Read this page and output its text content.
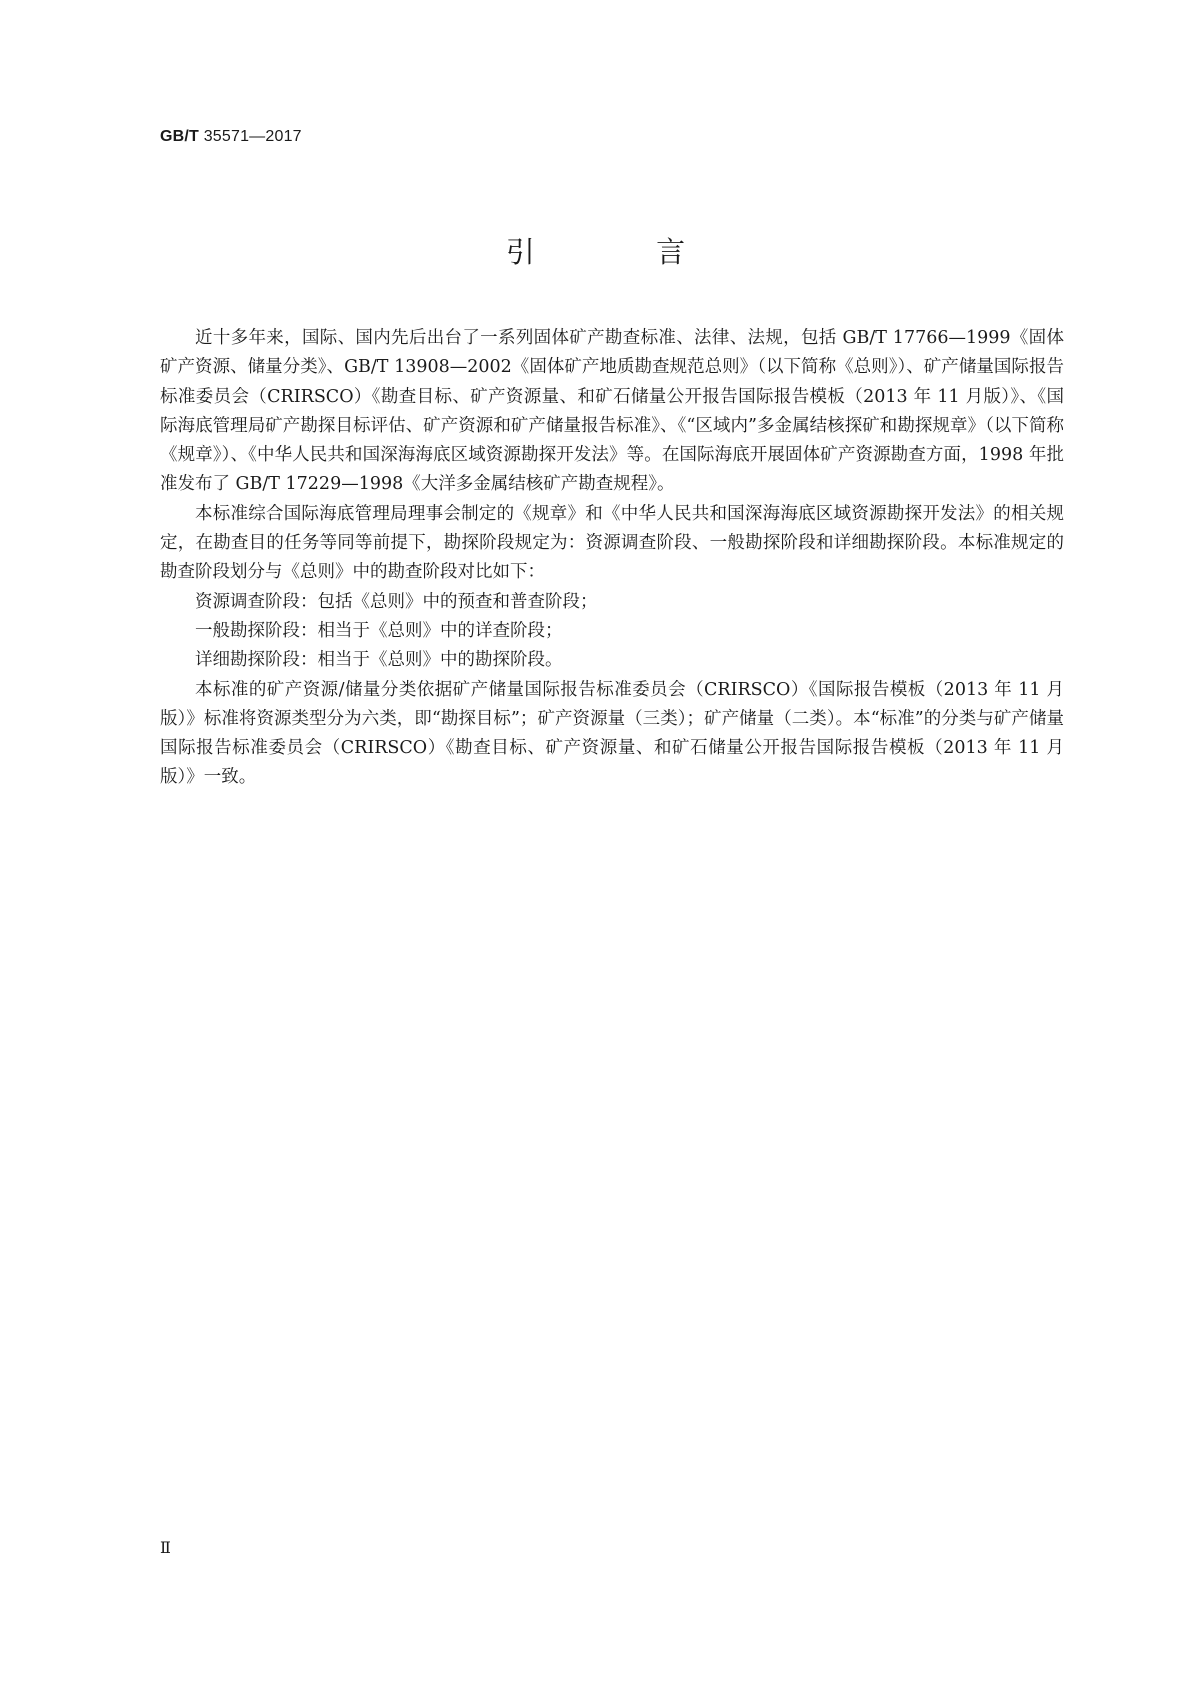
GB/T 35571—2017
引 言

近十多年来，国际、国内先后出台了一系列固体矿产勘查标准、法律、法规，包括 GB/T 17766—1999《固体矿产资源、储量分类》、GB/T 13908—2002《固体矿产地质勘查规范总则》（以下简称《总则》）、矿产储量国际报告标准委员会（CRIRSCO）《勘查目标、矿产资源量、和矿石储量公开报告国际报告模板（2013 年 11 月版）》、《国际海底管理局矿产勘探目标评估、矿产资源和矿产储量报告标准》、《“区域内”多金属结核探矿和勘探规章》（以下简称《规章》）、《中华人民共和国深海海底区域资源勘探开发法》等。在国际海底开展固体矿产资源勘查方面，1998 年批准发布了 GB/T 17229—1998《大洋多金属结核矿产勘查规程》。

本标准综合国际海底管理局理事会制定的《规章》和《中华人民共和国深海海底区域资源勘探开发法》的相关规定，在勘查目的任务等同等前提下，勘探阶段规定为：资源调查阶段、一般勘探阶段和详细勘探阶段。本标准规定的勘查阶段划分与《总则》中的勘查阶段对比如下：

资源调查阶段：包括《总则》中的预查和普查阶段；

一般勘探阶段：相当于《总则》中的详查阶段；

详细勘探阶段：相当于《总则》中的勘探阶段。

本标准的矿产资源/储量分类依据矿产储量国际报告标准委员会（CRIRSCO）《国际报告模板（2013 年 11 月版）》标准将资源类型分为六类，即“勘探目标”；矿产资源量（三类）；矿产储量（二类）。本“标准”的分类与矿产储量国际报告标准委员会（CRIRSCO）《勘查目标、矿产资源量、和矿石储量公开报告国际报告模板（2013 年 11 月版）》一致。

Ⅱ
